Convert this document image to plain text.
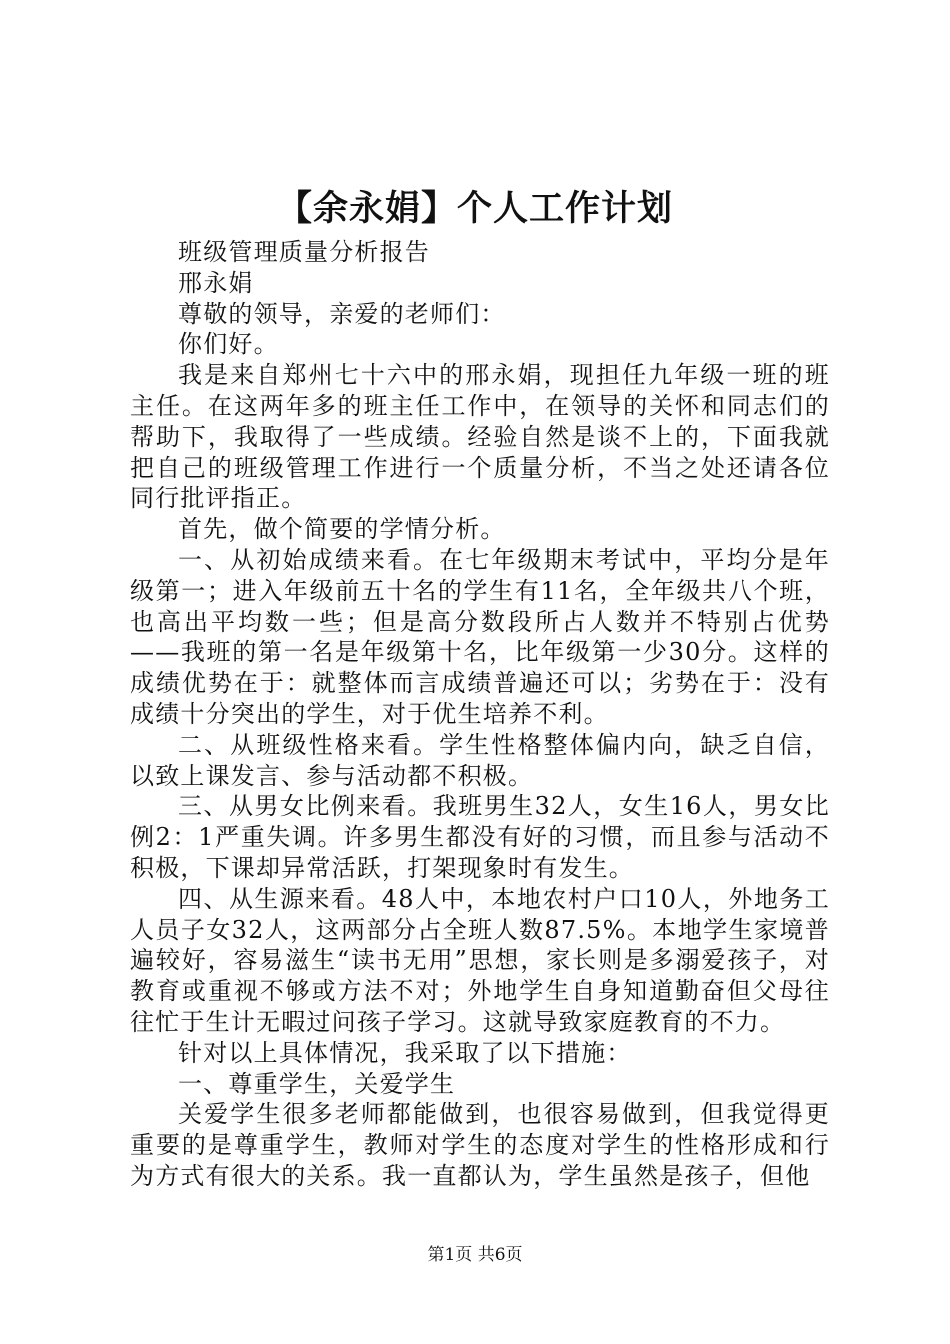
【余永娟】个人工作计划

班级管理质量分析报告

邢永娟

尊敬的领导，亲爱的老师们：

你们好。

我是来自郑州七十六中的邢永娟，现担任九年级一班的班主任。在这两年多的班主任工作中，在领导的关怀和同志们的帮助下，我取得了一些成绩。经验自然是谈不上的，下面我就把自己的班级管理工作进行一个质量分析，不当之处还请各位同行批评指正。

首先，做个简要的学情分析。

一、从初始成绩来看。在七年级期末考试中，平均分是年级第一；进入年级前五十名的学生有11名，全年级共八个班，也高出平均数一些；但是高分数段所占人数并不特别占优势——我班的第一名是年级第十名，比年级第一少30分。这样的成绩优势在于：就整体而言成绩普遍还可以；劣势在于：没有成绩十分突出的学生，对于优生培养不利。

二、从班级性格来看。学生性格整体偏内向，缺乏自信，以致上课发言、参与活动都不积极。

三、从男女比例来看。我班男生32人，女生16人，男女比例2：1严重失调。许多男生都没有好的习惯，而且参与活动不积极，下课却异常活跃，打架现象时有发生。

四、从生源来看。48人中，本地农村户口10人，外地务工人员子女32人，这两部分占全班人数87.5%。本地学生家境普遍较好，容易滋生“读书无用”思想，家长则是多溺爱孩子，对教育或重视不够或方法不对；外地学生自身知道勤奋但父母往往忙于生计无暇过问孩子学习。这就导致家庭教育的不力。

针对以上具体情况，我采取了以下措施：

一、尊重学生，关爱学生

关爱学生很多老师都能做到，也很容易做到，但我觉得更重要的是尊重学生，教师对学生的态度对学生的性格形成和行为方式有很大的关系。我一直都认为，学生虽然是孩子，但他

第1页 共6页
